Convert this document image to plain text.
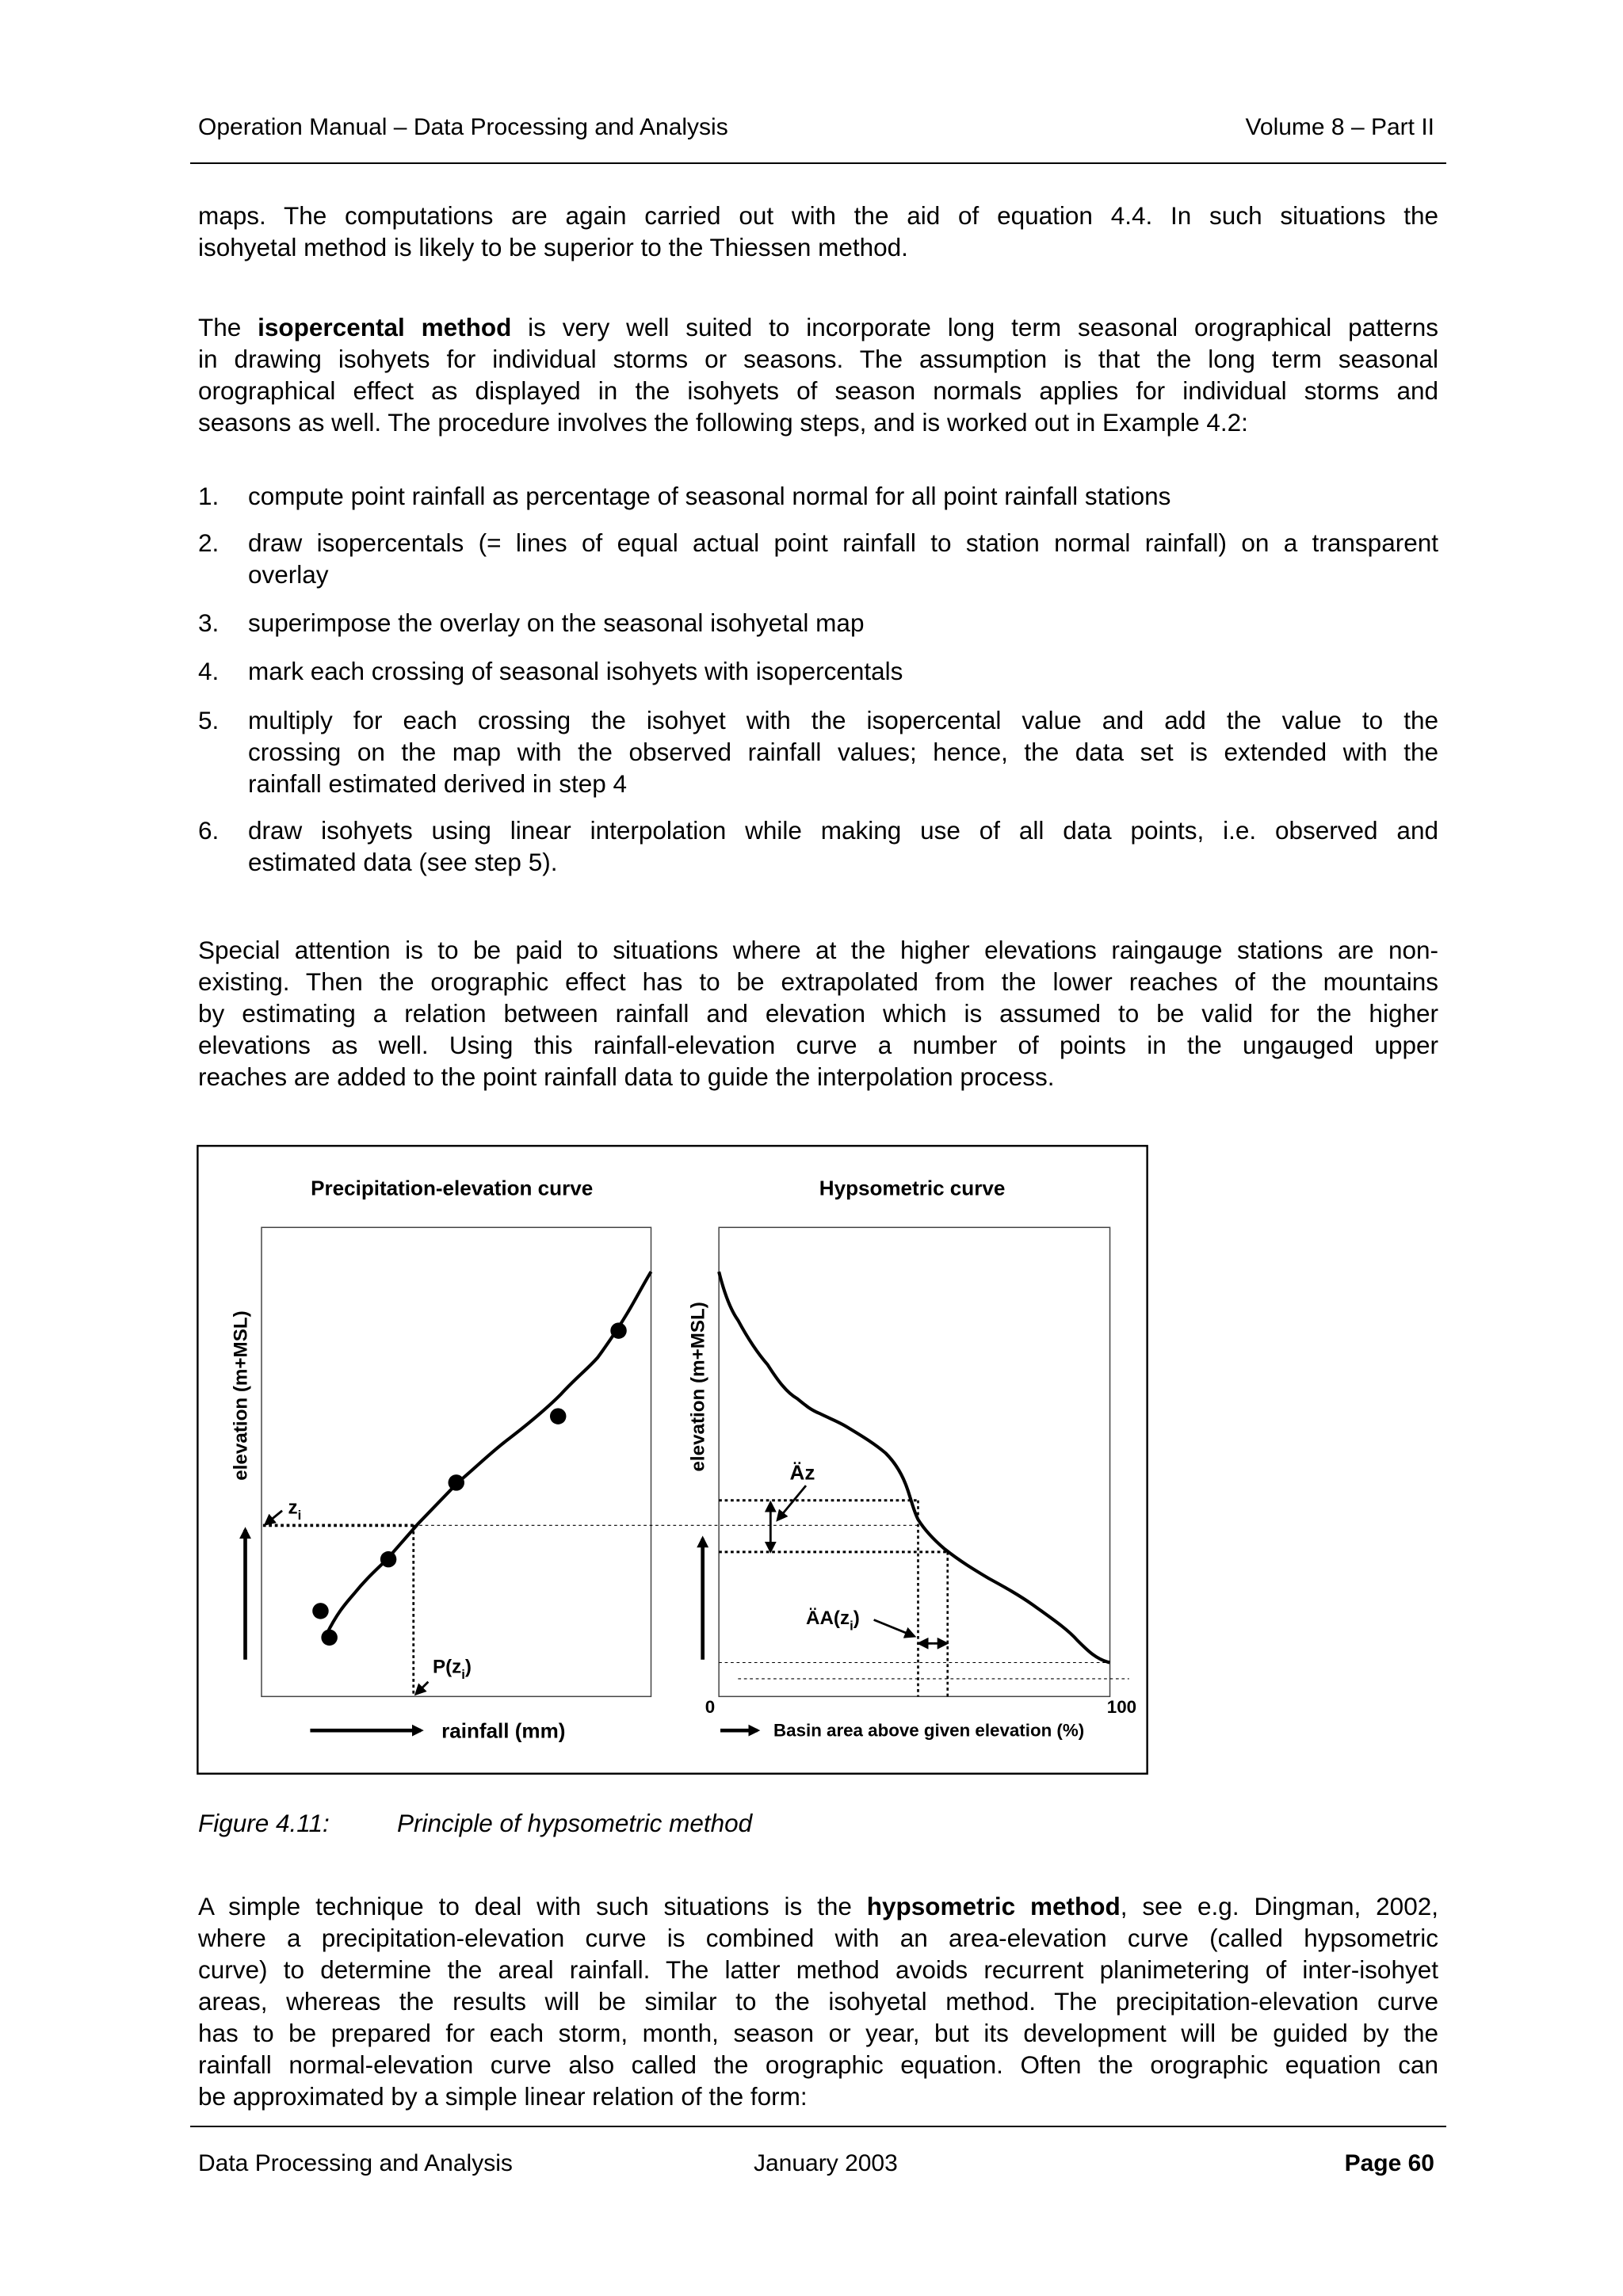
Operation Manual – Data Processing and Analysis	Volume 8 – Part II
maps. The computations are again carried out with the aid of equation 4.4. In such situations the
isohyetal method is likely to be superior to the Thiessen method.
The isopercental method is very well suited to incorporate long term seasonal orographical patterns
in drawing isohyets for individual storms or seasons. The assumption is that the long term seasonal
orographical effect as displayed in the isohyets of season normals applies for individual storms and
seasons as well. The procedure involves the following steps, and is worked out in Example 4.2:
1. compute point rainfall as percentage of seasonal normal for all point rainfall stations
2. draw isopercentals (= lines of equal actual point rainfall to station normal rainfall) on a transparent
overlay
3. superimpose the overlay on the seasonal isohyetal map
4. mark each crossing of seasonal isohyets with isopercentals
5. multiply for each crossing the isohyet with the isopercental value and add the value to the
crossing on the map with the observed rainfall values; hence, the data set is extended with the
rainfall estimated derived in step 4
6. draw isohyets using linear interpolation while making use of all data points, i.e. observed and
estimated data (see step 5).
Special attention is to be paid to situations where at the higher elevations raingauge stations are non-
existing. Then the orographic effect has to be extrapolated from the lower reaches of the mountains
by estimating a relation between rainfall and elevation which is assumed to be valid for the higher
elevations as well. Using this rainfall-elevation curve a number of points in the ungauged upper
reaches are added to the point rainfall data to guide the interpolation process.
Precipitation-elevation curve	Hypsometric curve
elevation (m+MSL)
$z_i$
$P(z_i)$
rainfall (mm)
elevation (m+MSL)
Äz
$ÄA(z_i)$
0	100
Basin area above given elevation (%)
Figure 4.11:	Principle of hypsometric method
A simple technique to deal with such situations is the hypsometric method, see e.g. Dingman, 2002,
where a precipitation-elevation curve is combined with an area-elevation curve (called hypsometric
curve) to determine the areal rainfall. The latter method avoids recurrent planimetering of inter-isohyet
areas, whereas the results will be similar to the isohyetal method. The precipitation-elevation curve
has to be prepared for each storm, month, season or year, but its development will be guided by the
rainfall normal-elevation curve also called the orographic equation. Often the orographic equation can
be approximated by a simple linear relation of the form:
Data Processing and Analysis	January 2003	Page 60
